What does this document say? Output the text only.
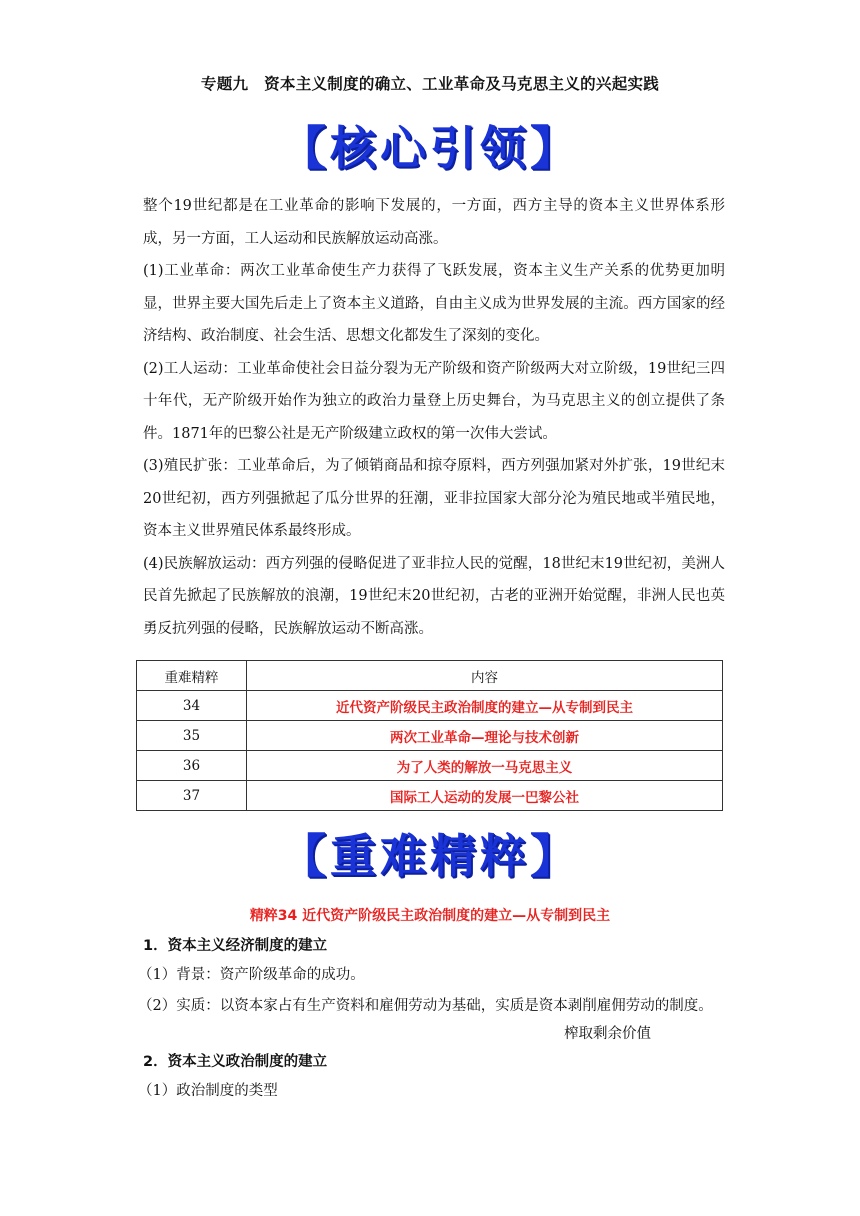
专题九　资本主义制度的确立、工业革命及马克思主义的兴起实践
【核心引领】

整个19世纪都是在工业革命的影响下发展的，一方面，西方主导的资本主义世界体系形成，另一方面，工人运动和民族解放运动高涨。

(1)工业革命：两次工业革命使生产力获得了飞跃发展，资本主义生产关系的优势更加明显，世界主要大国先后走上了资本主义道路，自由主义成为世界发展的主流。西方国家的经济结构、政治制度、社会生活、思想文化都发生了深刻的变化。

(2)工人运动：工业革命使社会日益分裂为无产阶级和资产阶级两大对立阶级，19世纪三四十年代，无产阶级开始作为独立的政治力量登上历史舞台，为马克思主义的创立提供了条件。1871年的巴黎公社是无产阶级建立政权的第一次伟大尝试。

(3)殖民扩张：工业革命后，为了倾销商品和掠夺原料，西方列强加紧对外扩张，19世纪末20世纪初，西方列强掀起了瓜分世界的狂潮，亚非拉国家大部分沦为殖民地或半殖民地，资本主义世界殖民体系最终形成。

(4)民族解放运动：西方列强的侵略促进了亚非拉人民的觉醒，18世纪末19世纪初，美洲人民首先掀起了民族解放的浪潮，19世纪末20世纪初，古老的亚洲开始觉醒，非洲人民也英勇反抗列强的侵略，民族解放运动不断高涨。

重难精粹	内容
34	近代资产阶级民主政治制度的建立—从专制到民主
35	两次工业革命—理论与技术创新
36	为了人类的解放一马克思主义
37	国际工人运动的发展一巴黎公社
【重难精粹】
精粹34 近代资产阶级民主政治制度的建立—从专制到民主
1．资本主义经济制度的建立
（1）背景：资产阶级革命的成功。
（2）实质：以资本家占有生产资料和雇佣劳动为基础，实质是资本剥削雇佣劳动的制度。
榨取剩余价值
2．资本主义政治制度的建立
（1）政治制度的类型
